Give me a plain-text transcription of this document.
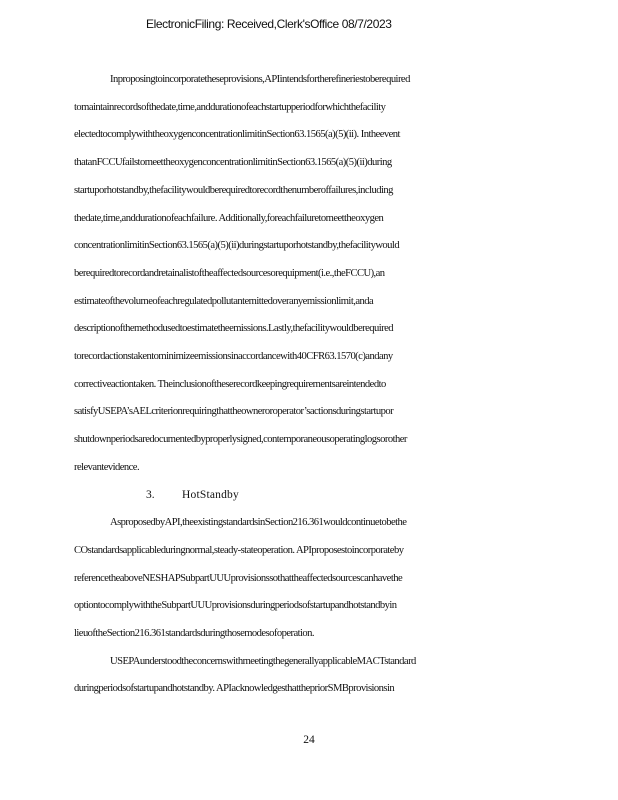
ElectronicFiling: Received,Clerk'sOffice 08/7/2023

Inproposingtoincorporatetheseprovisions,APIintendsfortherefineriestoberequired

tomaintainrecordsofthedate,time,anddurationofeachstartupperiodforwhichthefacility

electedtocomplywiththeoxygenconcentrationlimitinSection63.1565(a)(5)(ii). Intheevent

thatanFCCUfailstomeettheoxygenconcentrationlimitinSection63.1565(a)(5)(ii)during

startuporhotstandby,thefacilitywouldberequiredtorecordthenumberoffailures,including

thedate,time,anddurationofeachfailure. Additionally,foreachfailuretomeettheoxygen

concentrationlimitinSection63.1565(a)(5)(ii)duringstartuporhotstandby,thefacilitywould

berequiredtorecordandretainalistoftheaffectedsourcesorequipment(i.e.,theFCCU),an

estimateofthevolumeofeachregulatedpollutantemittedoveranyemissionlimit,anda

descriptionofthemethodusedtoestimatetheemissions.Lastly,thefacilitywouldberequired

torecordactionstakentominimizeemissionsinaccordancewith40CFR63.1570(c)andany

correctiveactiontaken. Theinclusionoftheserecordkeepingrequirementsareintendedto

satisfyUSEPA’sAELcriterionrequiringthattheowneroroperator’sactionsduringstartupor

shutdownperiodsaredocumentedbyproperlysigned,contemporaneousoperatinglogsorother

relevantevidence.

3. HotStandby

AsproposedbyAPI,theexistingstandardsinSection216.361wouldcontinuetobethe

COstandardsapplicableduringnormal,steady-stateoperation. APIproposestoincorporateby

referencetheaboveNESHAPSubpartUUUprovisionssothattheaffectedsourcescanhavethe

optiontocomplywiththeSubpartUUUprovisionsduringperiodsofstartupandhotstandbyin

lieuoftheSection216.361standardsduringthosemodesofoperation.

USEPAunderstoodtheconcernswithmeetingthegenerallyapplicableMACTstandard

duringperiodsofstartupandhotstandby. APIacknowledgesthatthepriorSMBprovisionsin

24
